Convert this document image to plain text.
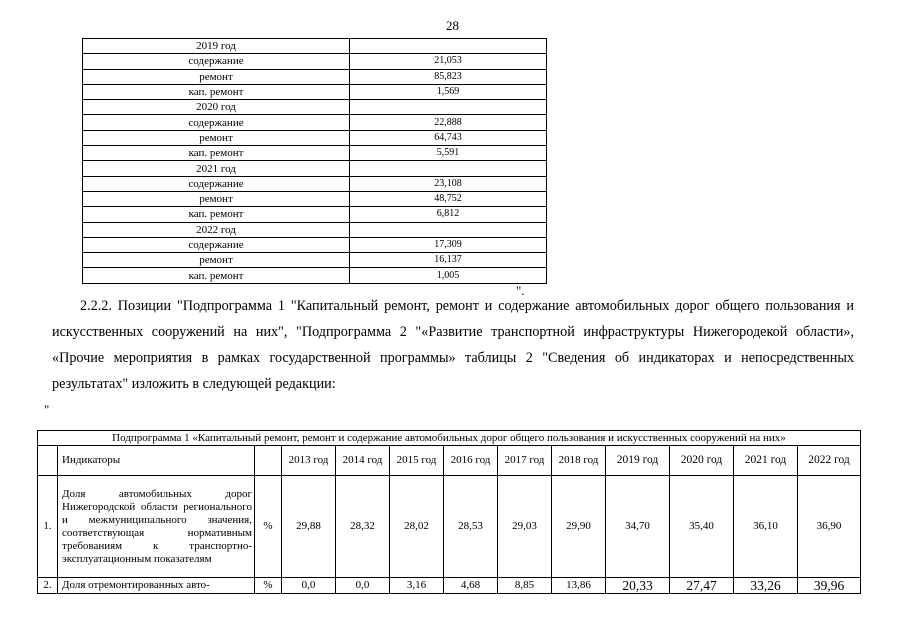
28
2019 год	
содержание	21,053
ремонт	85,823
кап. ремонт	1,569
2020 год	
содержание	22,888
ремонт	64,743
кап. ремонт	5,591
2021 год	
содержание	23,108
ремонт	48,752
кап. ремонт	6,812
2022 год	
содержание	17,309
ремонт	16,137
кап. ремонт	1,005
".

2.2.2. Позиции "Подпрограмма 1 "Капитальный ремонт, ремонт и содержание автомобильных дорог общего пользования и искусственных сооружений на них", "Подпрограмма 2 "«Развитие транспортной инфраструктуры Нижегородекой области», «Прочие мероприятия в рамках государственной программы» таблицы 2 "Сведения об индикаторах и непосредственных результатах" изложить в следующей редакции:

"
Подпрограмма 1 «Капитальный ремонт, ремонт и содержание автомобильных дорог общего пользования и искусственных сооружений на них»												
	Индикаторы		2013 год	2014 год	2015 год	2016 год	2017 год	2018 год	2019 год	2020 год	2021 год	2022 год
1.	Доля автомобильных дорог Нижегородской области регионального и межмуниципального значения, соответствующая нормативным требованиям к транспортно-эксплуатационным показателям	%	29,88	28,32	28,02	28,53	29,03	29,90	34,70	35,40	36,10	36,90
2.	Доля отремонтированных авто-	%	0,0	0,0	3,16	4,68	8,85	13,86	20,33	27,47	33,26	39,96
